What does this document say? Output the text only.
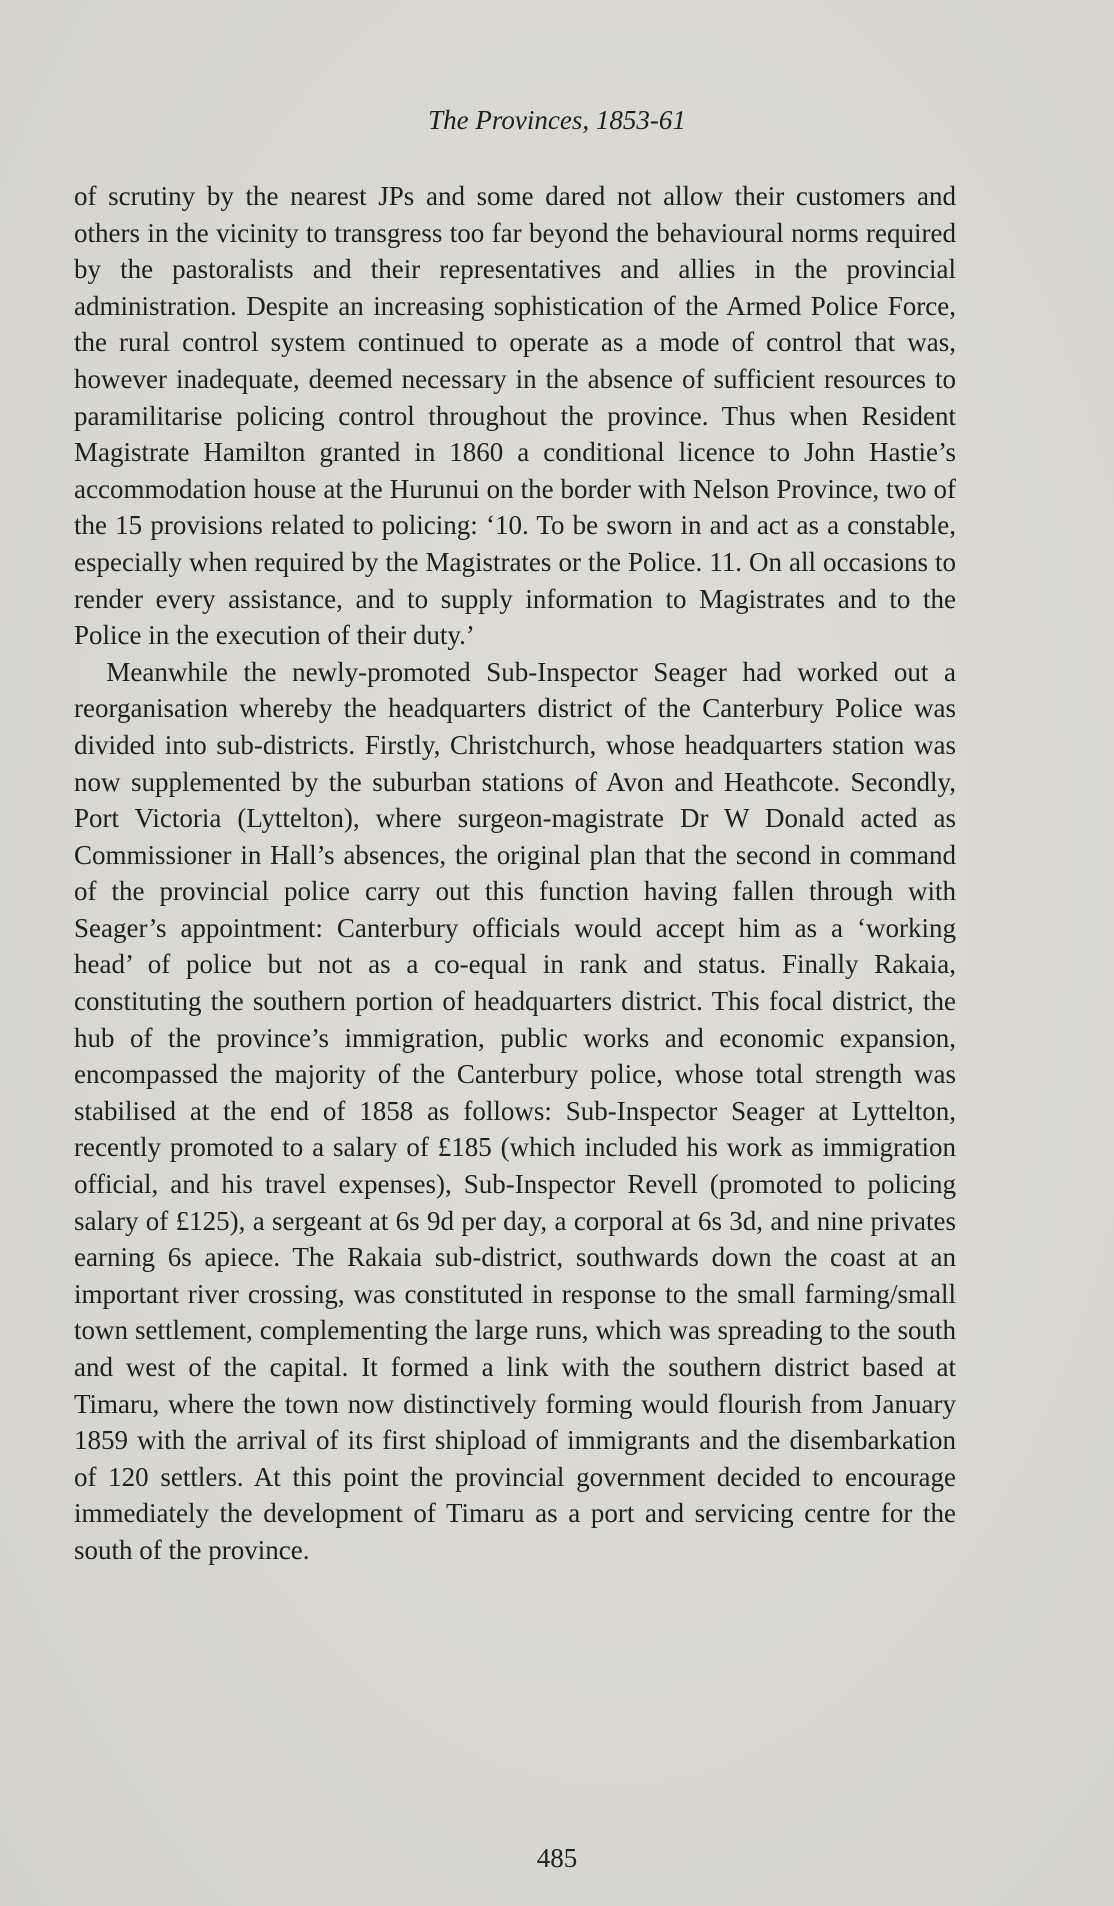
The Provinces, 1853-61

of scrutiny by the nearest JPs and some dared not allow their customers and others in the vicinity to transgress too far beyond the behavioural norms required by the pastoralists and their representatives and allies in the provincial administration. Despite an increasing sophistication of the Armed Police Force, the rural control system continued to operate as a mode of control that was, however inadequate, deemed necessary in the absence of sufficient resources to paramilitarise policing control throughout the province. Thus when Resident Magistrate Hamilton granted in 1860 a conditional licence to John Hastie’s accommodation house at the Hurunui on the border with Nelson Province, two of the 15 provisions related to policing: ‘10. To be sworn in and act as a constable, especially when required by the Magistrates or the Police. 11. On all occasions to render every assistance, and to supply information to Magistrates and to the Police in the execution of their duty.’

Meanwhile the newly-promoted Sub-Inspector Seager had worked out a reorganisation whereby the headquarters district of the Canterbury Police was divided into sub-districts. Firstly, Christchurch, whose headquarters station was now supplemented by the suburban stations of Avon and Heathcote. Secondly, Port Victoria (Lyttelton), where surgeon-magistrate Dr W Donald acted as Commissioner in Hall’s absences, the original plan that the second in command of the provincial police carry out this function having fallen through with Seager’s appointment: Canterbury officials would accept him as a ‘working head’ of police but not as a co-equal in rank and status. Finally Rakaia, constituting the southern portion of headquarters district. This focal district, the hub of the province’s immigration, public works and economic expansion, encompassed the majority of the Canterbury police, whose total strength was stabilised at the end of 1858 as follows: Sub-Inspector Seager at Lyttelton, recently promoted to a salary of £185 (which included his work as immigration official, and his travel expenses), Sub-Inspector Revell (promoted to policing salary of £125), a sergeant at 6s 9d per day, a corporal at 6s 3d, and nine privates earning 6s apiece. The Rakaia sub-district, southwards down the coast at an important river crossing, was constituted in response to the small farming/small town settlement, complementing the large runs, which was spreading to the south and west of the capital. It formed a link with the southern district based at Timaru, where the town now distinctively forming would flourish from January 1859 with the arrival of its first shipload of immigrants and the disembarkation of 120 settlers. At this point the provincial government decided to encourage immediately the development of Timaru as a port and servicing centre for the south of the province.

485
